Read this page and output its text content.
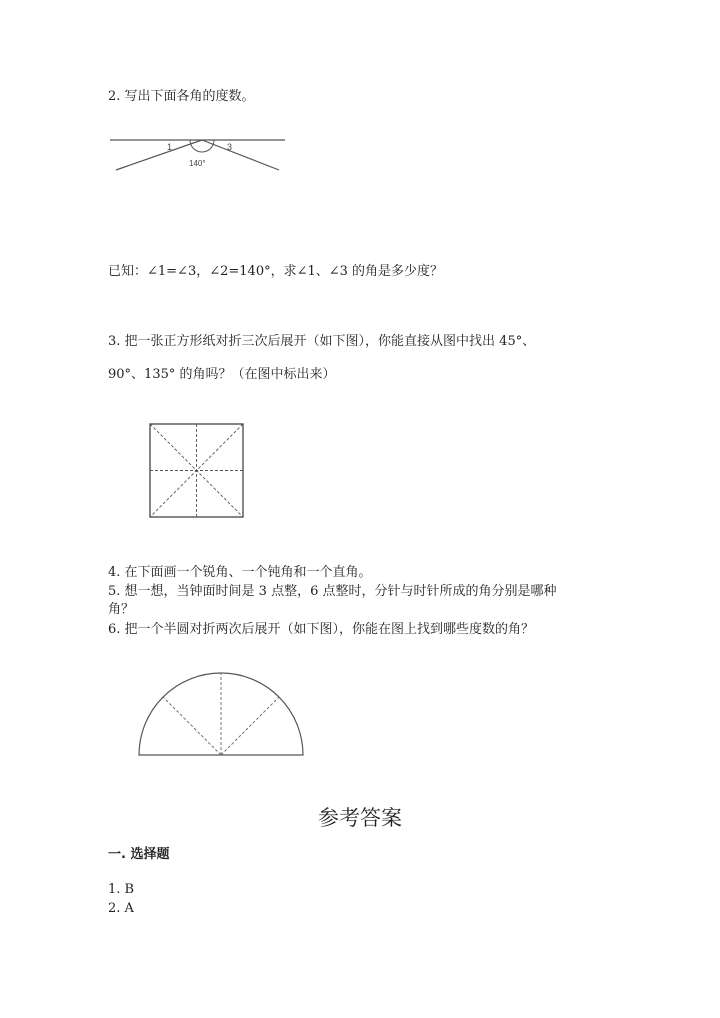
2. 写出下面各角的度数。
1	3
140°
已知：∠1=∠3，∠2=140°，求∠1、∠3 的角是多少度？
3. 把一张正方形纸对折三次后展开（如下图），你能直接从图中找出 45°、
90°、135° 的角吗？（在图中标出来）
4. 在下面画一个锐角、一个钝角和一个直角。
5. 想一想，当钟面时间是 3 点整，6 点整时，分针与时针所成的角分别是哪种
角？
6. 把一个半圆对折两次后展开（如下图），你能在图上找到哪些度数的角？
参考答案
一. 选择题
1. B
2. A
